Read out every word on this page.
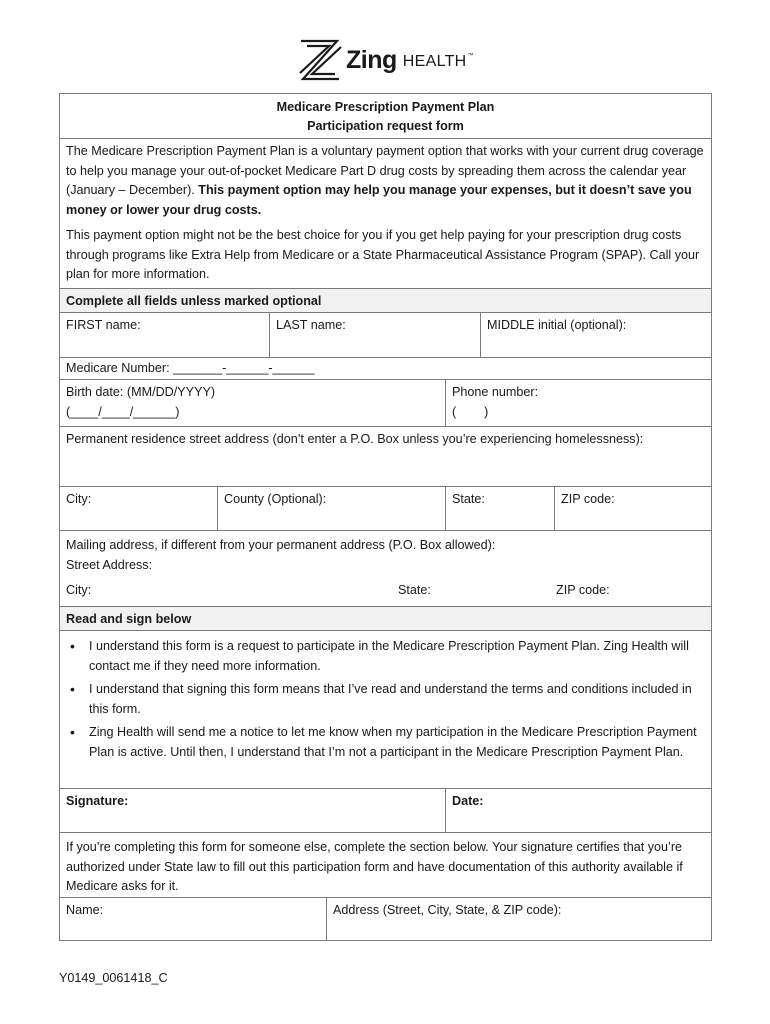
Zing HEALTH™
Medicare Prescription Payment Plan
Participation request form

The Medicare Prescription Payment Plan is a voluntary payment option that works with your current drug coverage to help you manage your out-of-pocket Medicare Part D drug costs by spreading them across the calendar year (January – December). This payment option may help you manage your expenses, but it doesn’t save you money or lower your drug costs.

This payment option might not be the best choice for you if you get help paying for your prescription drug costs through programs like Extra Help from Medicare or a State Pharmaceutical Assistance Program (SPAP). Call your plan for more information.

Complete all fields unless marked optional
FIRST name:	LAST name:	MIDDLE initial (optional):
Medicare Number: _______-______-______
Birth date: (MM/DD/YYYY)
(____/____/______)
Phone number:
(        )
Permanent residence street address (don’t enter a P.O. Box unless you’re experiencing homelessness):
City:	County (Optional):	State:	ZIP code:
Mailing address, if different from your permanent address (P.O. Box allowed):
Street Address:
City:	State:	ZIP code:
Read and sign below
• I understand this form is a request to participate in the Medicare Prescription Payment Plan. Zing Health will contact me if they need more information.
• I understand that signing this form means that I’ve read and understand the terms and conditions included in this form.
• Zing Health will send me a notice to let me know when my participation in the Medicare Prescription Payment Plan is active. Until then, I understand that I’m not a participant in the Medicare Prescription Payment Plan.
Signature:	Date:
If you’re completing this form for someone else, complete the section below. Your signature certifies that you’re authorized under State law to fill out this participation form and have documentation of this authority available if Medicare asks for it.
Name:	Address (Street, City, State, & ZIP code):
Y0149_0061418_C
